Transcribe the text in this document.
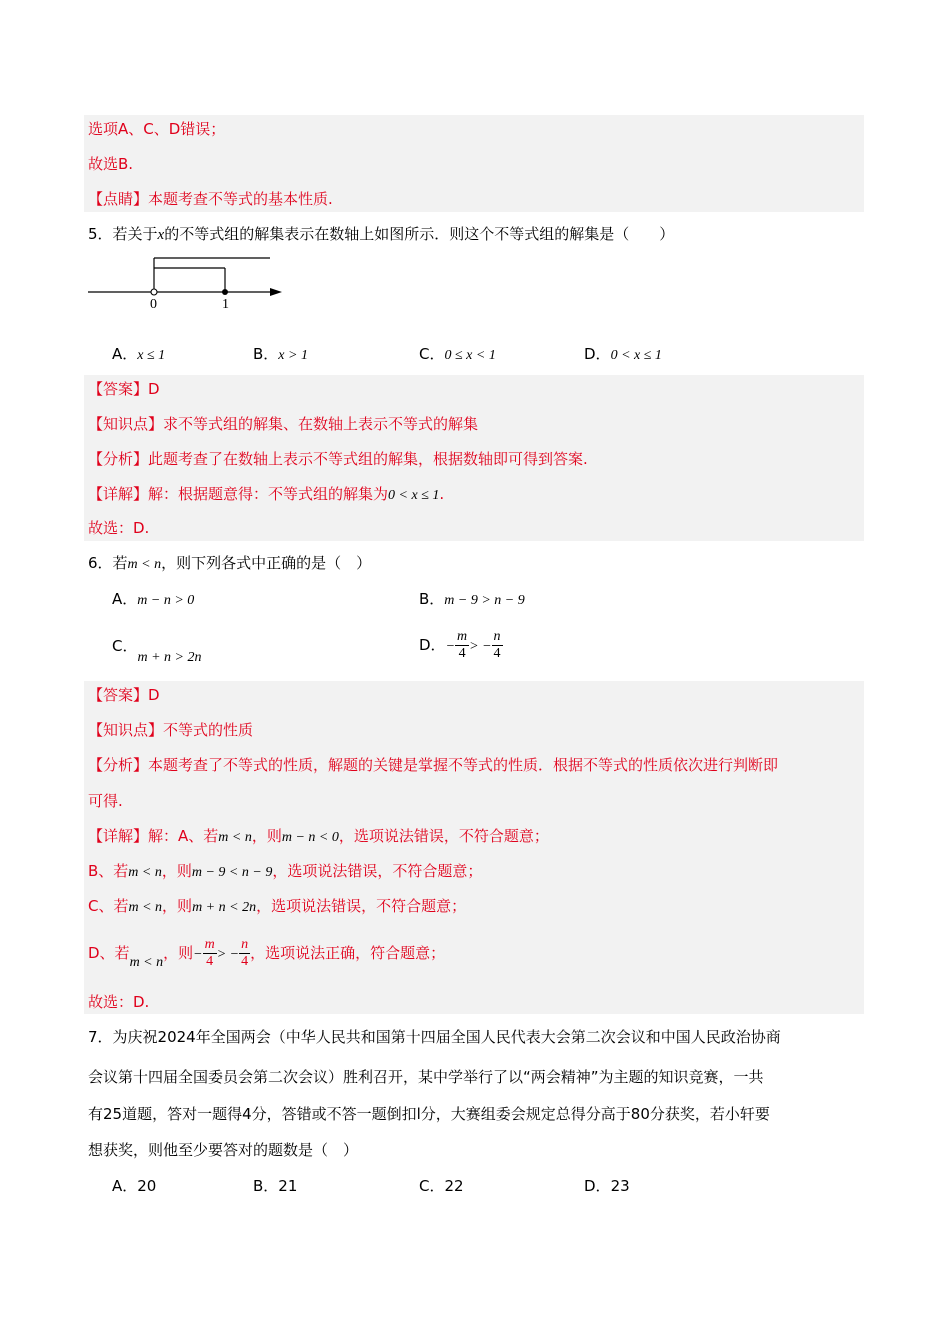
选项A、C、D错误；
故选B.
【点睛】本题考查不等式的基本性质.
5．若关于x的不等式组的解集表示在数轴上如图所示．则这个不等式组的解集是（　　）
0	1
A．x ≤ 1	B．x > 1	C．0 ≤ x < 1	D．0 < x ≤ 1
【答案】D
【知识点】求不等式组的解集、在数轴上表示不等式的解集
【分析】此题考查了在数轴上表示不等式组的解集，根据数轴即可得到答案.
【详解】解：根据题意得：不等式组的解集为0 < x ≤ 1.
故选：D.
6．若m < n，则下列各式中正确的是（　）
A．m − n > 0	B．m − 9 > n − 9
C．m + n > 2n
D．− $\frac{m}{4}$ > − $\frac{n}{4}$
【答案】D
【知识点】不等式的性质
【分析】本题考查了不等式的性质，解题的关键是掌握不等式的性质．根据不等式的性质依次进行判断即
可得.
【详解】解：A、若m < n，则m − n < 0，选项说法错误，不符合题意；
B、若m < n，则m − 9 < n − 9，选项说法错误，不符合题意；
C、若m < n，则m + n < 2n，选项说法错误，不符合题意；
D、若m < n，则− $\frac{m}{4}$ > − $\frac{n}{4}$ ，选项说法正确，符合题意；
故选：D.
7．为庆祝2024年全国两会（中华人民共和国第十四届全国人民代表大会第二次会议和中国人民政治协商
会议第十四届全国委员会第二次会议）胜利召开，某中学举行了以“两会精神”为主题的知识竞赛，一共
有25道题，答对一题得4分，答错或不答一题倒扣l分，大赛组委会规定总得分高于80分获奖，若小轩要
想获奖，则他至少要答对的题数是（　）
A．20	B．21	C．22	D．23
